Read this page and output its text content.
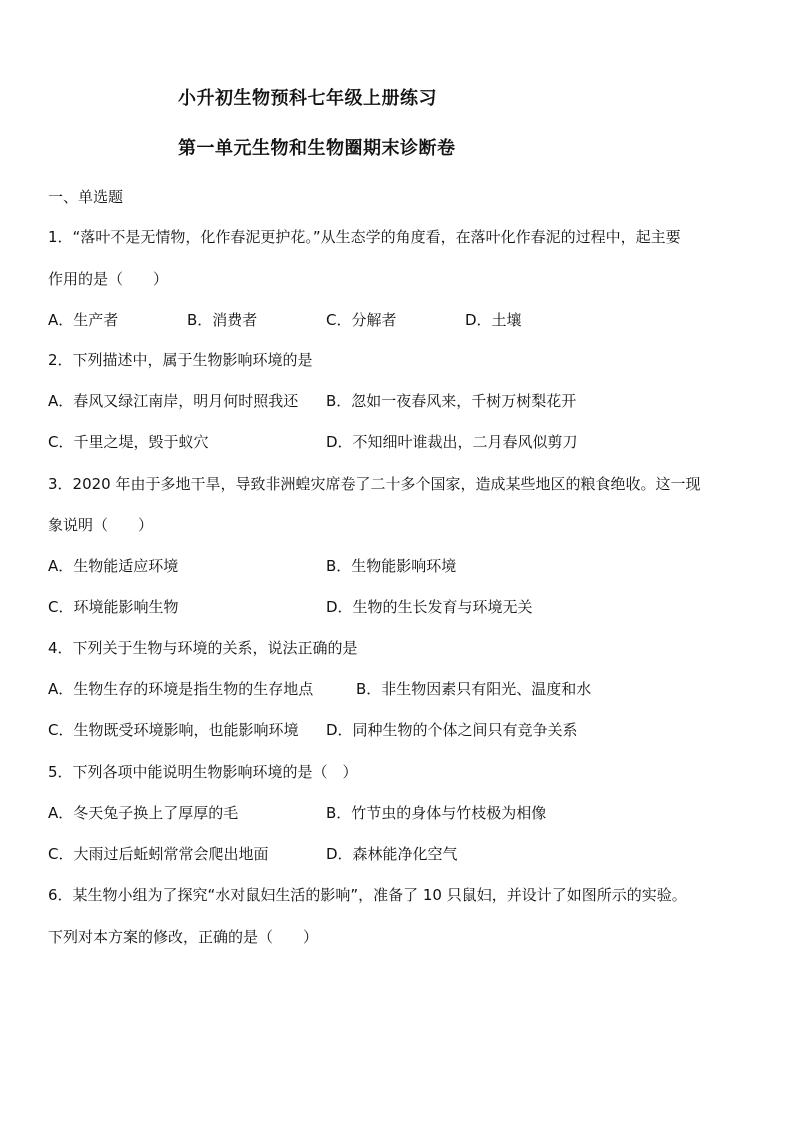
小升初生物预科七年级上册练习
第一单元生物和生物圈期末诊断卷
一、单选题
1．“落叶不是无情物，化作春泥更护花。”从生态学的角度看，在落叶化作春泥的过程中，起主要
作用的是（　　）
A．生产者	B．消费者	C．分解者	D．土壤
2．下列描述中，属于生物影响环境的是
A．春风又绿江南岸，明月何时照我还 B．忽如一夜春风来，千树万树梨花开
C．千里之堤，毁于蚁穴	D．不知细叶谁裁出，二月春风似剪刀
3．2020 年由于多地干旱，导致非洲蝗灾席卷了二十多个国家，造成某些地区的粮食绝收。这一现
象说明（　　）
A．生物能适应环境	B．生物能影响环境
C．环境能影响生物	D．生物的生长发育与环境无关
4．下列关于生物与环境的关系，说法正确的是
A．生物生存的环境是指生物的生存地点	B．非生物因素只有阳光、温度和水
C．生物既受环境影响，也能影响环境 D．同种生物的个体之间只有竞争关系
5．下列各项中能说明生物影响环境的是（　）
A．冬天兔子换上了厚厚的毛	B．竹节虫的身体与竹枝极为相像
C．大雨过后蚯蚓常常会爬出地面	D．森林能净化空气
6．某生物小组为了探究“水对鼠妇生活的影响”，准备了 10 只鼠妇，并设计了如图所示的实验。
下列对本方案的修改，正确的是（　　）
